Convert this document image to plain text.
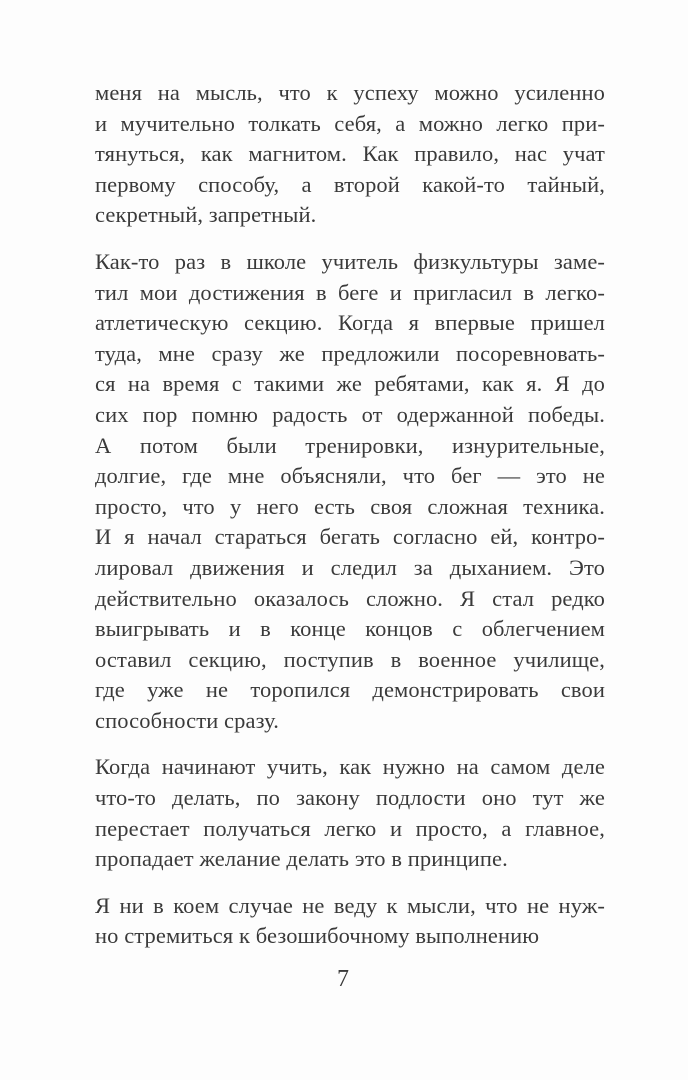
меня на мысль, что к успеху можно усиленно
и мучительно толкать себя, а можно легко при-
тянуться, как магнитом. Как правило, нас учат
первому способу, а второй какой-то тайный,
секретный, запретный.
Как-то раз в школе учитель физкультуры заме-
тил мои достижения в беге и пригласил в легко-
атлетическую секцию. Когда я впервые пришел
туда, мне сразу же предложили посоревновать-
ся на время с такими же ребятами, как я. Я до
сих пор помню радость от одержанной победы.
А потом были тренировки, изнурительные,
долгие, где мне объясняли, что бег — это не
просто, что у него есть своя сложная техника.
И я начал стараться бегать согласно ей, контро-
лировал движения и следил за дыханием. Это
действительно оказалось сложно. Я стал редко
выигрывать и в конце концов с облегчением
оставил секцию, поступив в военное училище,
где уже не торопился демонстрировать свои
способности сразу.
Когда начинают учить, как нужно на самом деле
что-то делать, по закону подлости оно тут же
перестает получаться легко и просто, а главное,
пропадает желание делать это в принципе.
Я ни в коем случае не веду к мысли, что не нуж-
но стремиться к безошибочному выполнению
7
